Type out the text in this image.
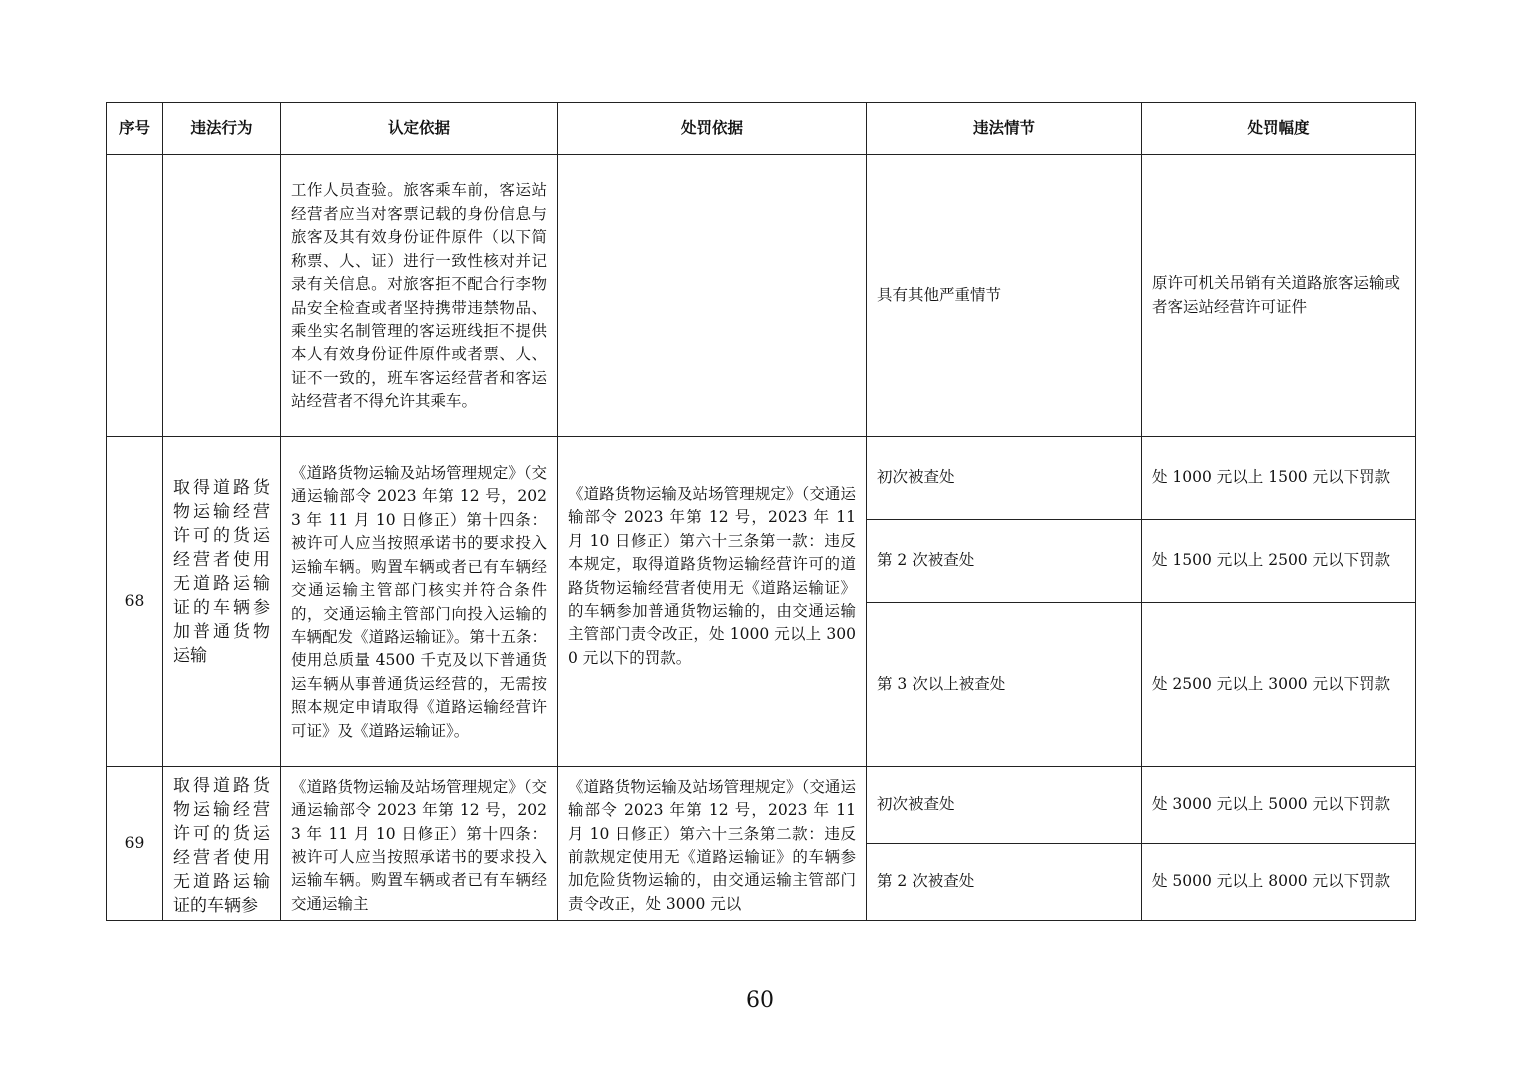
序号	违法行为	认定依据	处罚依据	违法情节	处罚幅度
		工作人员查验。旅客乘车前，客运站经营者应当对客票记载的身份信息与旅客及其有效身份证件原件（以下简称票、人、证）进行一致性核对并记录有关信息。对旅客拒不配合行李物品安全检查或者坚持携带违禁物品、乘坐实名制管理的客运班线拒不提供本人有效身份证件原件或者票、人、证不一致的，班车客运经营者和客运站经营者不得允许其乘车。		具有其他严重情节	原许可机关吊销有关道路旅客运输或者客运站经营许可证件
68	取得道路货物运输经营许可的货运经营者使用无道路运输证的车辆参加普通货物运输	《道路货物运输及站场管理规定》（交通运输部令 2023 年第 12 号，2023 年 11 月 10 日修正）第十四条：被许可人应当按照承诺书的要求投入运输车辆。购置车辆或者已有车辆经交通运输主管部门核实并符合条件的，交通运输主管部门向投入运输的车辆配发《道路运输证》。第十五条：使用总质量 4500 千克及以下普通货运车辆从事普通货运经营的，无需按照本规定申请取得《道路运输经营许可证》及《道路运输证》。	《道路货物运输及站场管理规定》（交通运输部令 2023 年第 12 号，2023 年 11 月 10 日修正）第六十三条第一款：违反本规定，取得道路货物运输经营许可的道路货物运输经营者使用无《道路运输证》的车辆参加普通货物运输的，由交通运输主管部门责令改正，处 1000 元以上 3000 元以下的罚款。	初次被查处	处 1000 元以上 1500 元以下罚款
				第 2 次被查处	处 1500 元以上 2500 元以下罚款
				第 3 次以上被查处	处 2500 元以上 3000 元以下罚款
69	取得道路货物运输经营许可的货运经营者使用无道路运输证的车辆参	《道路货物运输及站场管理规定》（交通运输部令 2023 年第 12 号，2023 年 11 月 10 日修正）第十四条：被许可人应当按照承诺书的要求投入运输车辆。购置车辆或者已有车辆经交通运输主	《道路货物运输及站场管理规定》（交通运输部令 2023 年第 12 号，2023 年 11 月 10 日修正）第六十三条第二款：违反前款规定使用无《道路运输证》的车辆参加危险货物运输的，由交通运输主管部门责令改正，处 3000 元以	初次被查处	处 3000 元以上 5000 元以下罚款
				第 2 次被查处	处 5000 元以上 8000 元以下罚款
60
